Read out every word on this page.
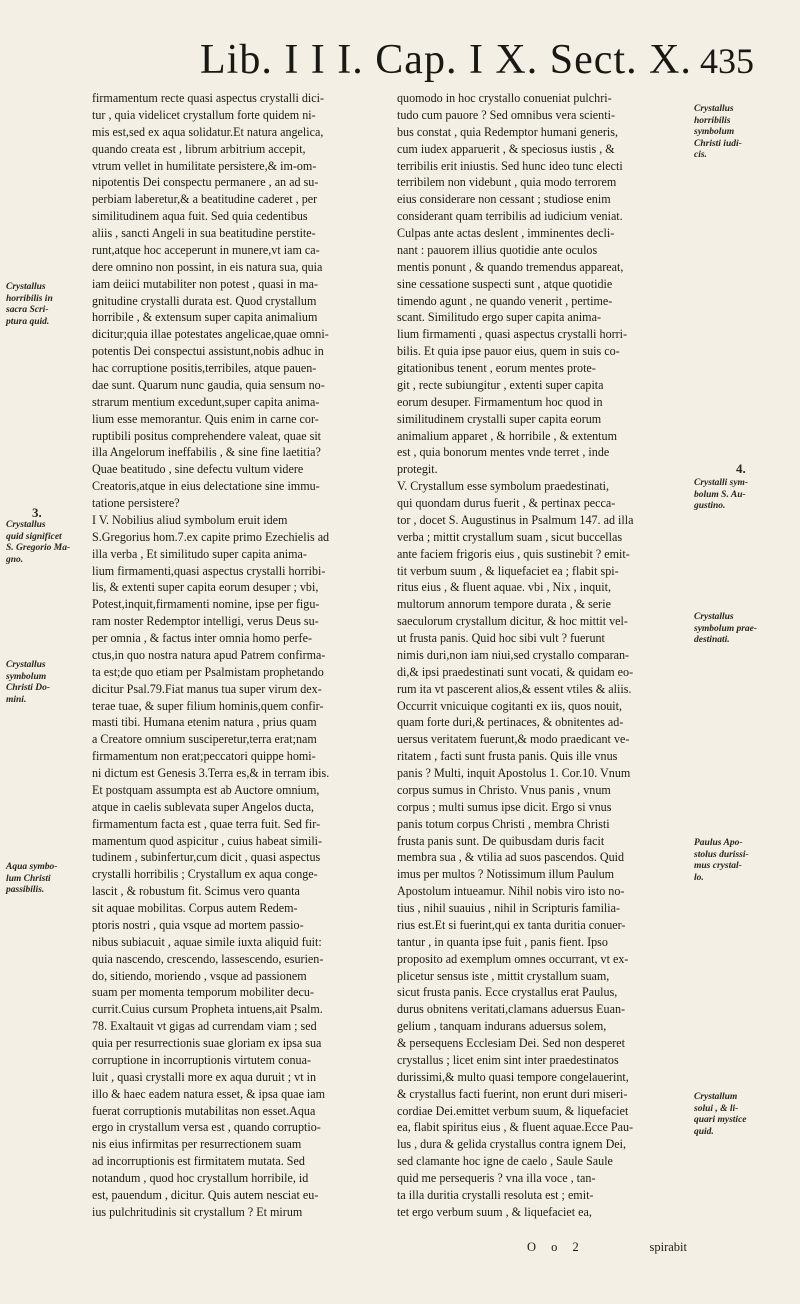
Lib. I I I. Cap. I X. Sect. X. 435
firmamentum recte quasi aspectus crystalli dici-
tur , quia videlicet crystallum forte quidem ni-
mis est,sed ex aqua solidatur.Et natura angelica,
quando creata est , librum arbitrium accepit,
vtrum vellet in humilitate persistere,& im-om-
nipotentis Dei conspectu permanere , an ad su-
perbiam laberetur,& a beatitudine caderet , per
similitudinem aqua fuit. Sed quia cedentibus
aliis , sancti Angeli in sua beatitudine perstite-
runt,atque hoc acceperunt in munere,vt iam ca-
dere omnino non possint, in eis natura sua, quia
iam deiici mutabiliter non potest , quasi in ma-
gnitudine crystalli durata est. Quod crystallum
horribile , & extensum super capita animalium
dicitur;quia illae potestates angelicae,quae omni-
potentis Dei conspectui assistunt,nobis adhuc in
hac corruptione positis,terribiles, atque pauen-
dae sunt. Quarum nunc gaudia, quia sensum no-
strarum mentium excedunt,super capita anima-
lium esse memorantur. Quis enim in carne cor-
ruptibili positus comprehendere valeat, quae sit
illa Angelorum ineffabilis , & sine fine laetitia?
Quae beatitudo , sine defectu vultum videre
Creatoris,atque in eius delectatione sine immu-
tatione persistere?
I V. Nobilius aliud symbolum eruit idem
S.Gregorius hom.7.ex capite primo Ezechielis ad
illa verba , Et similitudo super capita anima-
lium firmamenti,quasi aspectus crystalli horribi-
lis, & extenti super capita eorum desuper ; vbi,
Potest,inquit,firmamenti nomine, ipse per figu-
ram noster Redemptor intelligi, verus Deus su-
per omnia , & factus inter omnia homo perfe-
ctus,in quo nostra natura apud Patrem confirma-
ta est;de quo etiam per Psalmistam prophetando
dicitur Psal.79.Fiat manus tua super virum dex-
terae tuae, & super filium hominis,quem confir-
masti tibi. Humana etenim natura , prius quam
a Creatore omnium susciperetur,terra erat;nam
firmamentum non erat;peccatori quippe homi-
ni dictum est Genesis 3.Terra es,& in terram ibis.
Et postquam assumpta est ab Auctore omnium,
atque in caelis sublevata super Angelos ducta,
firmamentum facta est , quae terra fuit. Sed fir-
mamentum quod aspicitur , cuius habeat simili-
tudinem , subinfertur,cum dicit , quasi aspectus
crystalli horribilis ; Crystallum ex aqua conge-
lascit , & robustum fit. Scimus vero quanta
sit aquae mobilitas. Corpus autem Redem-
ptoris nostri , quia vsque ad mortem passio-
nibus subiacuit , aquae simile iuxta aliquid fuit:
quia nascendo, crescendo, lassescendo, esurien-
do, sitiendo, moriendo , vsque ad passionem
suam per momenta temporum mobiliter decu-
currit.Cuius cursum Propheta intuens,ait Psalm.
78. Exaltauit vt gigas ad currendam viam ; sed
quia per resurrectionis suae gloriam ex ipsa sua
corruptione in incorruptionis virtutem conua-
luit , quasi crystalli more ex aqua duruit ; vt in
illo & haec eadem natura esset, & ipsa quae iam
fuerat corruptionis mutabilitas non esset.Aqua
ergo in crystallum versa est , quando corruptio-
nis eius infirmitas per resurrectionem suam
ad incorruptionis est firmitatem mutata. Sed
notandum , quod hoc crystallum horribile, id
est, pauendum , dicitur. Quis autem nesciat eu-
ius pulchritudinis sit crystallum ? Et mirum
quomodo in hoc crystallo conueniat pulchri-
tudo cum pauore ? Sed omnibus vera scienti-
bus constat , quia Redemptor humani generis,
cum iudex apparuerit , & speciosus iustis , &
terribilis erit iniustis. Sed hunc ideo tunc electi
terribilem non videbunt , quia modo terrorem
eius considerare non cessant ; studiose enim
considerant quam terribilis ad iudicium veniat.
Culpas ante actas deslent , imminentes decli-
nant : pauorem illius quotidie ante oculos
mentis ponunt , & quando tremendus appareat,
sine cessatione suspecti sunt , atque quotidie
timendo agunt , ne quando venerit , pertime-
scant. Similitudo ergo super capita anima-
lium firmamenti , quasi aspectus crystalli horri-
bilis. Et quia ipse pauor eius, quem in suis co-
gitationibus tenent , eorum mentes prote-
git , recte subiungitur , extenti super capita
eorum desuper. Firmamentum hoc quod in
similitudinem crystalli super capita eorum
animalium apparet , & horribile , & extentum
est , quia bonorum mentes vnde terret , inde
protegit.
V. Crystallum esse symbolum praedestinati,
qui quondam durus fuerit , & pertinax pecca-
tor , docet S. Augustinus in Psalmum 147. ad illa
verba ; mittit crystallum suam , sicut buccellas
ante faciem frigoris eius , quis sustinebit ? emit-
tit verbum suum , & liquefaciet ea ; flabit spi-
ritus eius , & fluent aquae. vbi , Nix , inquit,
multorum annorum tempore durata , & serie
saeculorum crystallum dicitur, & hoc mittit vel-
ut frusta panis. Quid hoc sibi vult ? fuerunt
nimis duri,non iam niui,sed crystallo comparan-
di,& ipsi praedestinati sunt vocati, & quidam eo-
rum ita vt pascerent alios,& essent vtiles & aliis.
Occurrit vnicuique cogitanti ex iis, quos nouit,
quam forte duri,& pertinaces, & obnitentes ad-
uersus veritatem fuerunt,& modo praedicant ve-
ritatem , facti sunt frusta panis. Quis ille vnus
panis ? Multi, inquit Apostolus 1. Cor.10. Vnum
corpus sumus in Christo. Vnus panis , vnum
corpus ; multi sumus ipse dicit. Ergo si vnus
panis totum corpus Christi , membra Christi
frusta panis sunt. De quibusdam duris facit
membra sua , & vtilia ad suos pascendos. Quid
imus per multos ? Notissimum illum Paulum
Apostolum intueamur. Nihil nobis viro isto no-
tius , nihil suauius , nihil in Scripturis familia-
rius est.Et si fuerint,qui ex tanta duritia conuer-
tantur , in quanta ipse fuit , panis fient. Ipso
proposito ad exemplum omnes occurrant, vt ex-
plicetur sensus iste , mittit crystallum suam,
sicut frusta panis. Ecce crystallus erat Paulus,
durus obnitens veritati,clamans aduersus Euan-
gelium , tanquam indurans aduersus solem,
& persequens Ecclesiam Dei. Sed non desperet
crystallus ; licet enim sint inter praedestinatos
durissimi,& multo quasi tempore congelauerint,
& crystallus facti fuerint, non erunt duri miseri-
cordiae Dei.emittet verbum suum, & liquefaciet
ea, flabit spiritus eius , & fluent aquae.Ecce Pau-
lus , dura & gelida crystallus contra ignem Dei,
sed clamante hoc igne de caelo , Saule Saule
quid me persequeris ? vna illa voce , tan-
ta illa duritia crystalli resoluta est ; emit-
tet ergo verbum suum , & liquefaciet ea,
Crystallus
horribilis in
sacra Scri-
ptura quid.
3.
Crystallus
quid significet
S. Gregorio Ma-
gno.
Crystallus
symbolum
Christi Do-
mini.
Aqua symbo-
lum Christi
passibilis.
Crystallus
horribilis
symbolum
Christi iudi-
cis.
4.
Crystalli sym-
bolum S. Au-
gustino.
Crystallus
symbolum prae-
destinati.
Paulus Apo-
stolus durissi-
mus crystal-
lo.
Crystallum
solui , & li-
quari mystice
quid.
O o 2	spirabit
